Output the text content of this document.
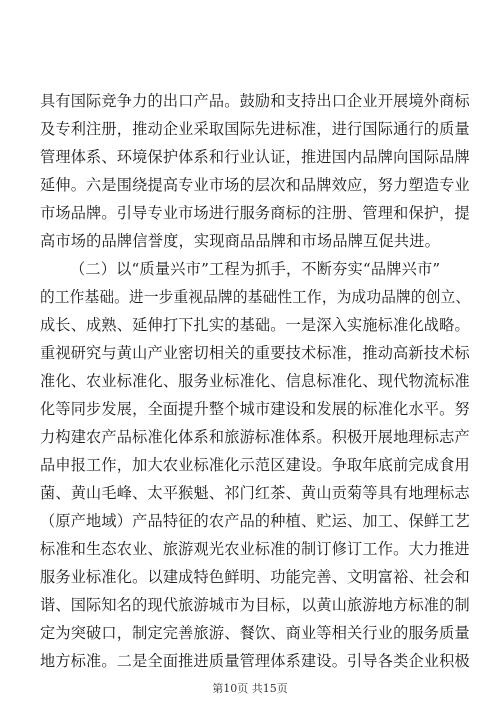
具有国际竞争力的出口产品。鼓励和支持出口企业开展境外商标
及专利注册，推动企业采取国际先进标准，进行国际通行的质量
管理体系、环境保护体系和行业认证，推进国内品牌向国际品牌
延伸。六是围绕提高专业市场的层次和品牌效应，努力塑造专业
市场品牌。引导专业市场进行服务商标的注册、管理和保护，提
高市场的品牌信誉度，实现商品品牌和市场品牌互促共进。
（二）以“质量兴市”工程为抓手，不断夯实“品牌兴市”
的工作基础。进一步重视品牌的基础性工作，为成功品牌的创立、
成长、成熟、延伸打下扎实的基础。一是深入实施标准化战略。
重视研究与黄山产业密切相关的重要技术标准，推动高新技术标
准化、农业标准化、服务业标准化、信息标准化、现代物流标准
化等同步发展，全面提升整个城市建设和发展的标准化水平。努
力构建农产品标准化体系和旅游标准体系。积极开展地理标志产
品申报工作，加大农业标准化示范区建设。争取年底前完成食用
菌、黄山毛峰、太平猴魁、祁门红茶、黄山贡菊等具有地理标志
（原产地域）产品特征的农产品的种植、贮运、加工、保鲜工艺
标准和生态农业、旅游观光农业标准的制订修订工作。大力推进
服务业标准化。以建成特色鲜明、功能完善、文明富裕、社会和
谐、国际知名的现代旅游城市为目标，以黄山旅游地方标准的制
定为突破口，制定完善旅游、餐饮、商业等相关行业的服务质量
地方标准。二是全面推进质量管理体系建设。引导各类企业积极
第10页 共15页
